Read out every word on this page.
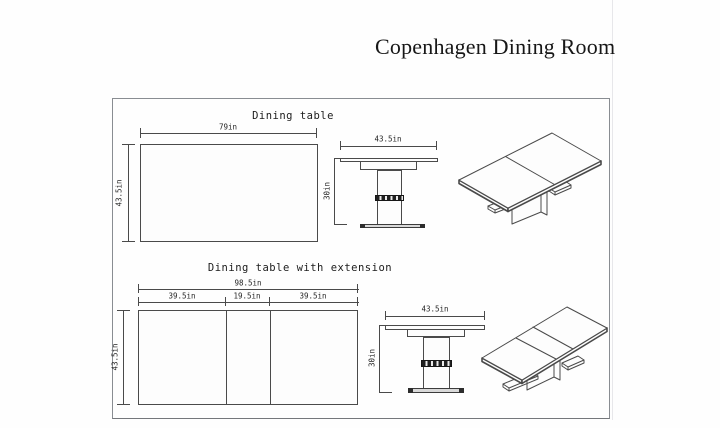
Copenhagen Dining Room
Dining table
79in
43.5in
43.5in
30in
Dining table with extension
98.5in
39.5in	19.5in	39.5in
43.5in
43.5in
30in
